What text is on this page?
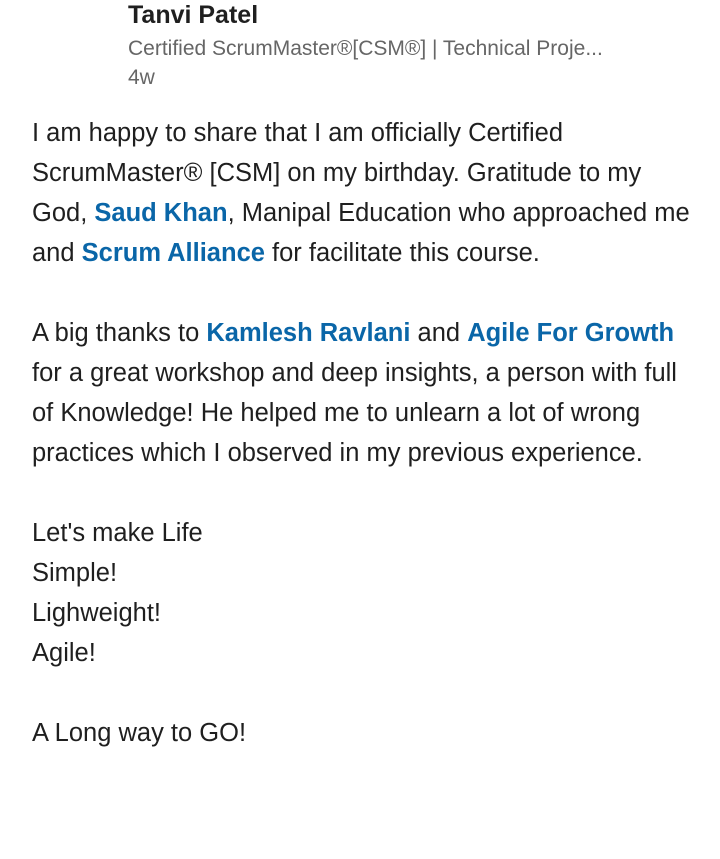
Tanvi Patel
Certified ScrumMaster®[CSM®] | Technical Proje...
4w

I am happy to share that I am officially Certified ScrumMaster® [CSM] on my birthday. Gratitude to my God, Saud Khan, Manipal Education who approached me and Scrum Alliance for facilitate this course.

A big thanks to Kamlesh Ravlani and Agile For Growth  for a great workshop and deep insights, a person with full of Knowledge! He helped me to unlearn a lot of wrong practices which I observed in my previous experience.

Let's make Life
Simple!
Lighweight!
Agile!

A Long way to GO!
